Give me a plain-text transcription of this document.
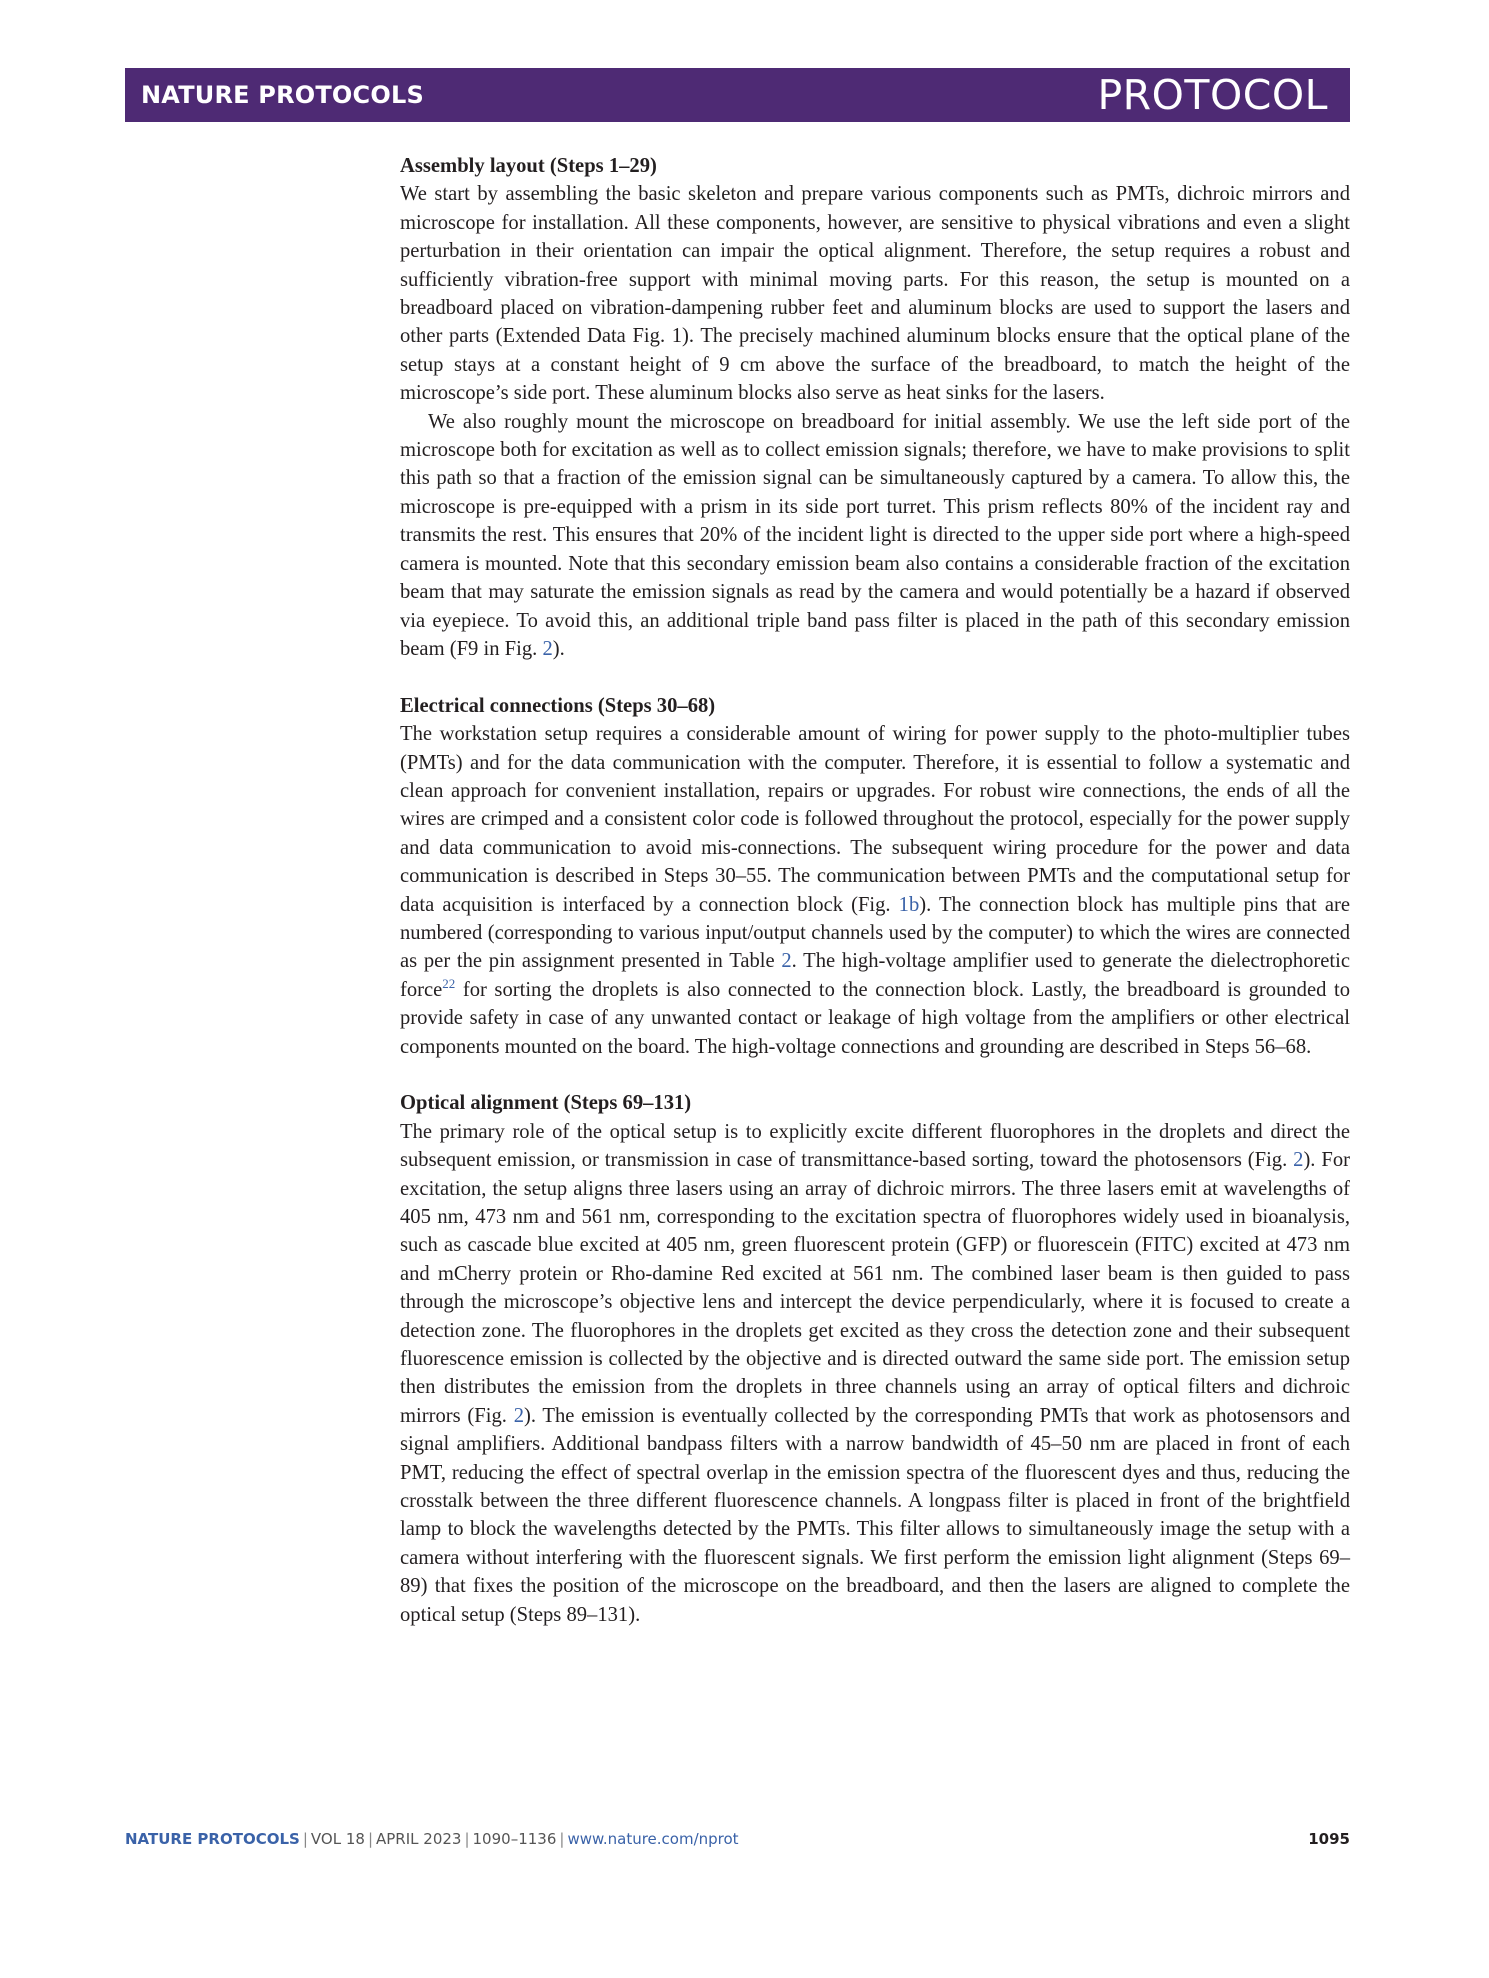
NATURE PROTOCOLS	PROTOCOL
Assembly layout (Steps 1–29)

We start by assembling the basic skeleton and prepare various components such as PMTs, dichroic mirrors and microscope for installation. All these components, however, are sensitive to physical vibrations and even a slight perturbation in their orientation can impair the optical alignment. Therefore, the setup requires a robust and sufficiently vibration-free support with minimal moving parts. For this reason, the setup is mounted on a breadboard placed on vibration-dampening rubber feet and aluminum blocks are used to support the lasers and other parts (Extended Data Fig. 1). The precisely machined aluminum blocks ensure that the optical plane of the setup stays at a constant height of 9 cm above the surface of the breadboard, to match the height of the microscope’s side port. These aluminum blocks also serve as heat sinks for the lasers.

We also roughly mount the microscope on breadboard for initial assembly. We use the left side port of the microscope both for excitation as well as to collect emission signals; therefore, we have to make provisions to split this path so that a fraction of the emission signal can be simultaneously captured by a camera. To allow this, the microscope is pre-equipped with a prism in its side port turret. This prism reflects 80% of the incident ray and transmits the rest. This ensures that 20% of the incident light is directed to the upper side port where a high-speed camera is mounted. Note that this secondary emission beam also contains a considerable fraction of the excitation beam that may saturate the emission signals as read by the camera and would potentially be a hazard if observed via eyepiece. To avoid this, an additional triple band pass filter is placed in the path of this secondary emission beam (F9 in Fig. 2).

Electrical connections (Steps 30–68)

The workstation setup requires a considerable amount of wiring for power supply to the photo-multiplier tubes (PMTs) and for the data communication with the computer. Therefore, it is essential to follow a systematic and clean approach for convenient installation, repairs or upgrades. For robust wire connections, the ends of all the wires are crimped and a consistent color code is followed throughout the protocol, especially for the power supply and data communication to avoid mis-connections. The subsequent wiring procedure for the power and data communication is described in Steps 30–55. The communication between PMTs and the computational setup for data acquisition is interfaced by a connection block (Fig. 1b). The connection block has multiple pins that are numbered (corresponding to various input/output channels used by the computer) to which the wires are connected as per the pin assignment presented in Table 2. The high-voltage amplifier used to generate the dielectrophoretic force$^{22}$ for sorting the droplets is also connected to the connection block. Lastly, the breadboard is grounded to provide safety in case of any unwanted contact or leakage of high voltage from the amplifiers or other electrical components mounted on the board. The high-voltage connections and grounding are described in Steps 56–68.

Optical alignment (Steps 69–131)

The primary role of the optical setup is to explicitly excite different fluorophores in the droplets and direct the subsequent emission, or transmission in case of transmittance-based sorting, toward the photosensors (Fig. 2). For excitation, the setup aligns three lasers using an array of dichroic mirrors. The three lasers emit at wavelengths of 405 nm, 473 nm and 561 nm, corresponding to the excitation spectra of fluorophores widely used in bioanalysis, such as cascade blue excited at 405 nm, green fluorescent protein (GFP) or fluorescein (FITC) excited at 473 nm and mCherry protein or Rho-damine Red excited at 561 nm. The combined laser beam is then guided to pass through the microscope’s objective lens and intercept the device perpendicularly, where it is focused to create a detection zone. The fluorophores in the droplets get excited as they cross the detection zone and their subsequent fluorescence emission is collected by the objective and is directed outward the same side port. The emission setup then distributes the emission from the droplets in three channels using an array of optical filters and dichroic mirrors (Fig. 2). The emission is eventually collected by the corresponding PMTs that work as photosensors and signal amplifiers. Additional bandpass filters with a narrow bandwidth of 45–50 nm are placed in front of each PMT, reducing the effect of spectral overlap in the emission spectra of the fluorescent dyes and thus, reducing the crosstalk between the three different fluorescence channels. A longpass filter is placed in front of the brightfield lamp to block the wavelengths detected by the PMTs. This filter allows to simultaneously image the setup with a camera without interfering with the fluorescent signals. We first perform the emission light alignment (Steps 69–89) that fixes the position of the microscope on the breadboard, and then the lasers are aligned to complete the optical setup (Steps 89–131).

NATURE PROTOCOLS | VOL 18 | APRIL 2023 | 1090–1136 | www.nature.com/nprot	1095
